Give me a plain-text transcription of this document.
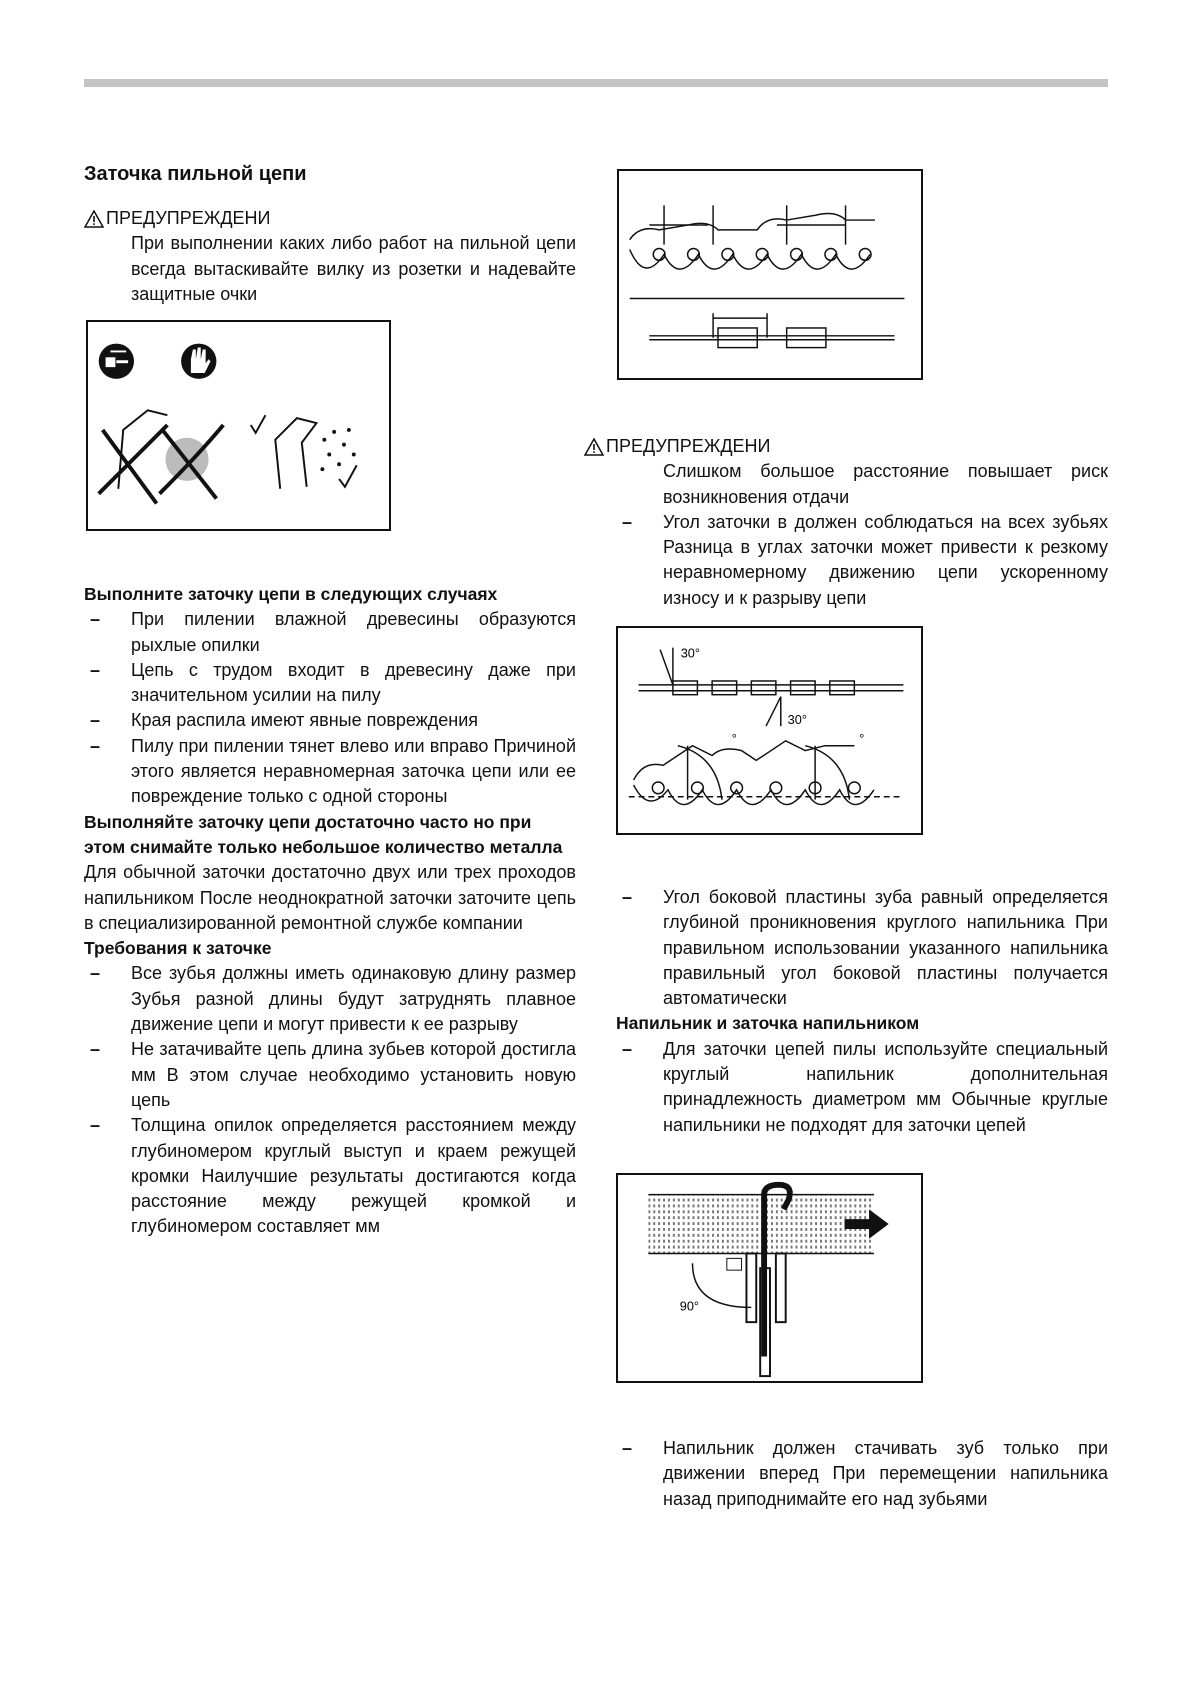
Заточка пильной цепи
ПРЕДУПРЕЖДЕНИ
При выполнении каких либо работ на пильной цепи всегда вытаскивайте вилку из розетки и надевайте защитные очки
Выполните заточку цепи в следующих случаях
–	При пилении влажной древесины образуются рыхлые опилки
–	Цепь с трудом входит в древесину даже при значительном усилии на пилу
–	Края распила имеют явные повреждения
–	Пилу при пилении тянет влево или вправо Причиной этого является неравномерная заточка цепи или ее повреждение только с одной стороны
Выполняйте заточку цепи достаточно часто но при этом снимайте только небольшое количество металла
Для обычной заточки достаточно двух или трех проходов напильником После неоднократной заточки заточите цепь в специализированной ремонтной службе компании
Требования к заточке
–	Все зубья должны иметь одинаковую длину размер Зубья разной длины будут затруднять плавное движение цепи и могут привести к ее разрыву
–	Не затачивайте цепь длина зубьев которой достигла мм В этом случае необходимо установить новую цепь
–	Толщина опилок определяется расстоянием между глубиномером круглый выступ и краем режущей кромки Наилучшие результаты достигаются когда расстояние между режущей кромкой и глубиномером составляет мм
ПРЕДУПРЕЖДЕНИ
Слишком большое расстояние повышает риск возникновения отдачи
–	Угол заточки в должен соблюдаться на всех зубьях Разница в углах заточки может привести к резкому неравномерному движению цепи ускоренному износу и к разрыву цепи
30°
30°
°	°
–	Угол боковой пластины зуба равный определяется глубиной проникновения круглого напильника При правильном использовании указанного напильника правильный угол боковой пластины получается автоматически
Напильник и заточка напильником
–	Для заточки цепей пилы используйте специальный круглый напильник дополнительная принадлежность диаметром мм Обычные круглые напильники не подходят для заточки цепей
90°
–	Напильник должен стачивать зуб только при движении вперед При перемещении напильника назад приподнимайте его над зубьями
